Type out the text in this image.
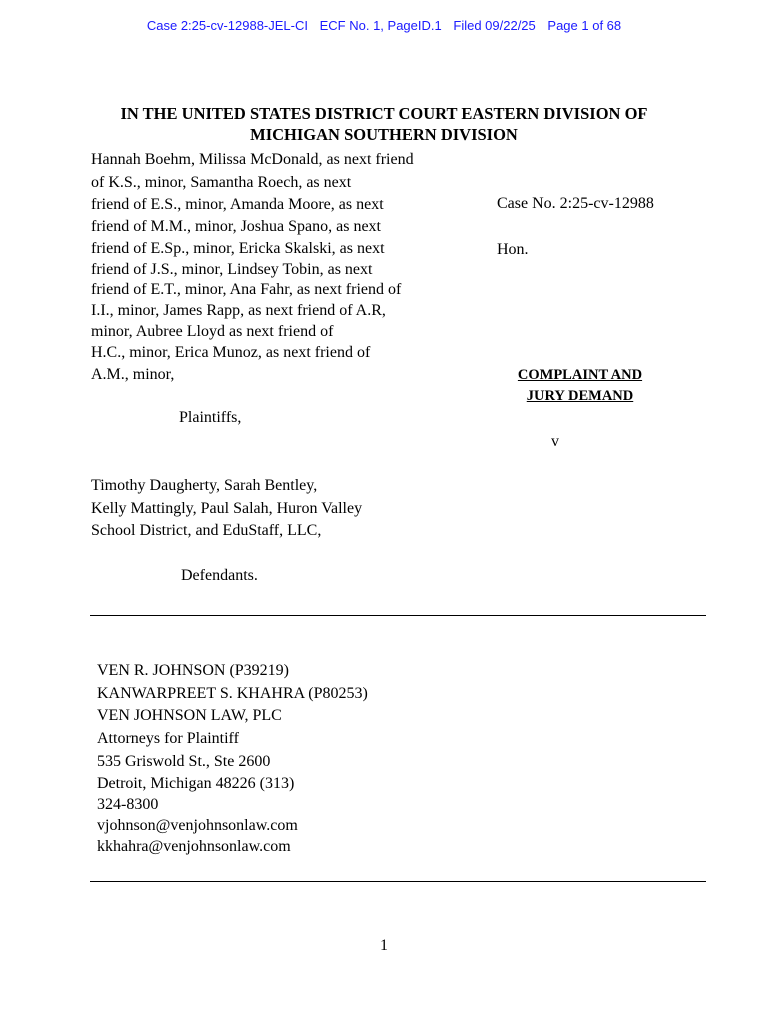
Case 2:25-cv-12988-JEL-CI ECF No. 1, PageID.1 Filed 09/22/25 Page 1 of 68
IN THE UNITED STATES DISTRICT COURT EASTERN DIVISION OF MICHIGAN SOUTHERN DIVISION
Hannah Boehm, Milissa McDonald, as next friend
of K.S., minor, Samantha Roech, as next
friend of E.S., minor, Amanda Moore, as next
friend of M.M., minor, Joshua Spano, as next
friend of E.Sp., minor, Ericka Skalski, as next
friend of J.S., minor, Lindsey Tobin, as next
friend of E.T., minor, Ana Fahr, as next friend of
I.I., minor, James Rapp, as next friend of A.R,
minor, Aubree Lloyd as next friend of
H.C., minor, Erica Munoz, as next friend of
A.M., minor,
Plaintiffs,
Case No. 2:25-cv-12988
Hon.
COMPLAINT AND
JURY DEMAND
v
Timothy Daugherty, Sarah Bentley,
Kelly Mattingly, Paul Salah, Huron Valley
School District, and EduStaff, LLC,
Defendants.
VEN R. JOHNSON (P39219)
KANWARPREET S. KHAHRA (P80253)
VEN JOHNSON LAW, PLC
Attorneys for Plaintiff
535 Griswold St., Ste 2600
Detroit, Michigan 48226 (313)
324-8300
vjohnson@venjohnsonlaw.com
kkhahra@venjohnsonlaw.com
1
